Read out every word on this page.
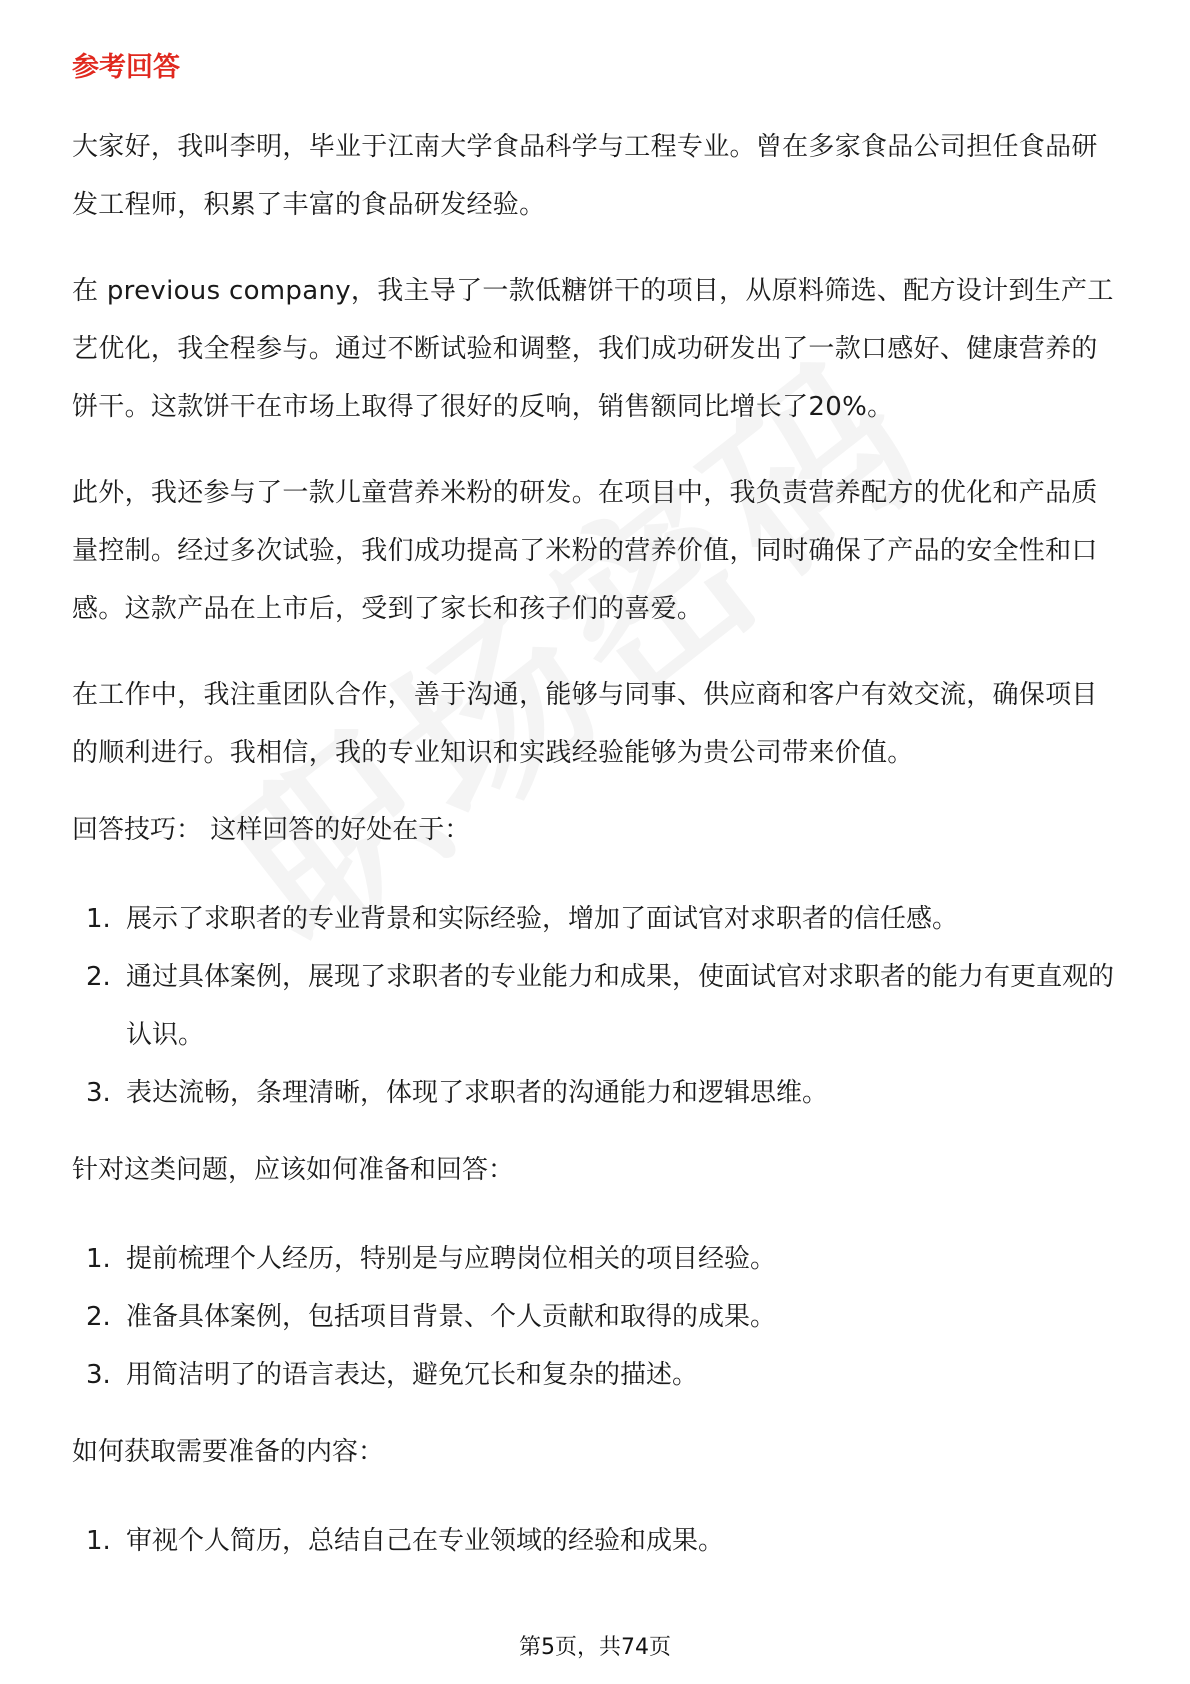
参考回答

大家好，我叫李明，毕业于江南大学食品科学与工程专业。曾在多家食品公司担任食品研发工程师，积累了丰富的食品研发经验。

在 previous company，我主导了一款低糖饼干的项目，从原料筛选、配方设计到生产工艺优化，我全程参与。通过不断试验和调整，我们成功研发出了一款口感好、健康营养的饼干。这款饼干在市场上取得了很好的反响，销售额同比增长了20%。

此外，我还参与了一款儿童营养米粉的研发。在项目中，我负责营养配方的优化和产品质量控制。经过多次试验，我们成功提高了米粉的营养价值，同时确保了产品的安全性和口感。这款产品在上市后，受到了家长和孩子们的喜爱。

在工作中，我注重团队合作，善于沟通，能够与同事、供应商和客户有效交流，确保项目的顺利进行。我相信，我的专业知识和实践经验能够为贵公司带来价值。

回答技巧： 这样回答的好处在于：

1. 展示了求职者的专业背景和实际经验，增加了面试官对求职者的信任感。
2. 通过具体案例，展现了求职者的专业能力和成果，使面试官对求职者的能力有更直观的认识。
3. 表达流畅，条理清晰，体现了求职者的沟通能力和逻辑思维。

针对这类问题，应该如何准备和回答：

1. 提前梳理个人经历，特别是与应聘岗位相关的项目经验。
2. 准备具体案例，包括项目背景、个人贡献和取得的成果。
3. 用简洁明了的语言表达，避免冗长和复杂的描述。

如何获取需要准备的内容：

1. 审视个人简历，总结自己在专业领域的经验和成果。
第5页，共74页
